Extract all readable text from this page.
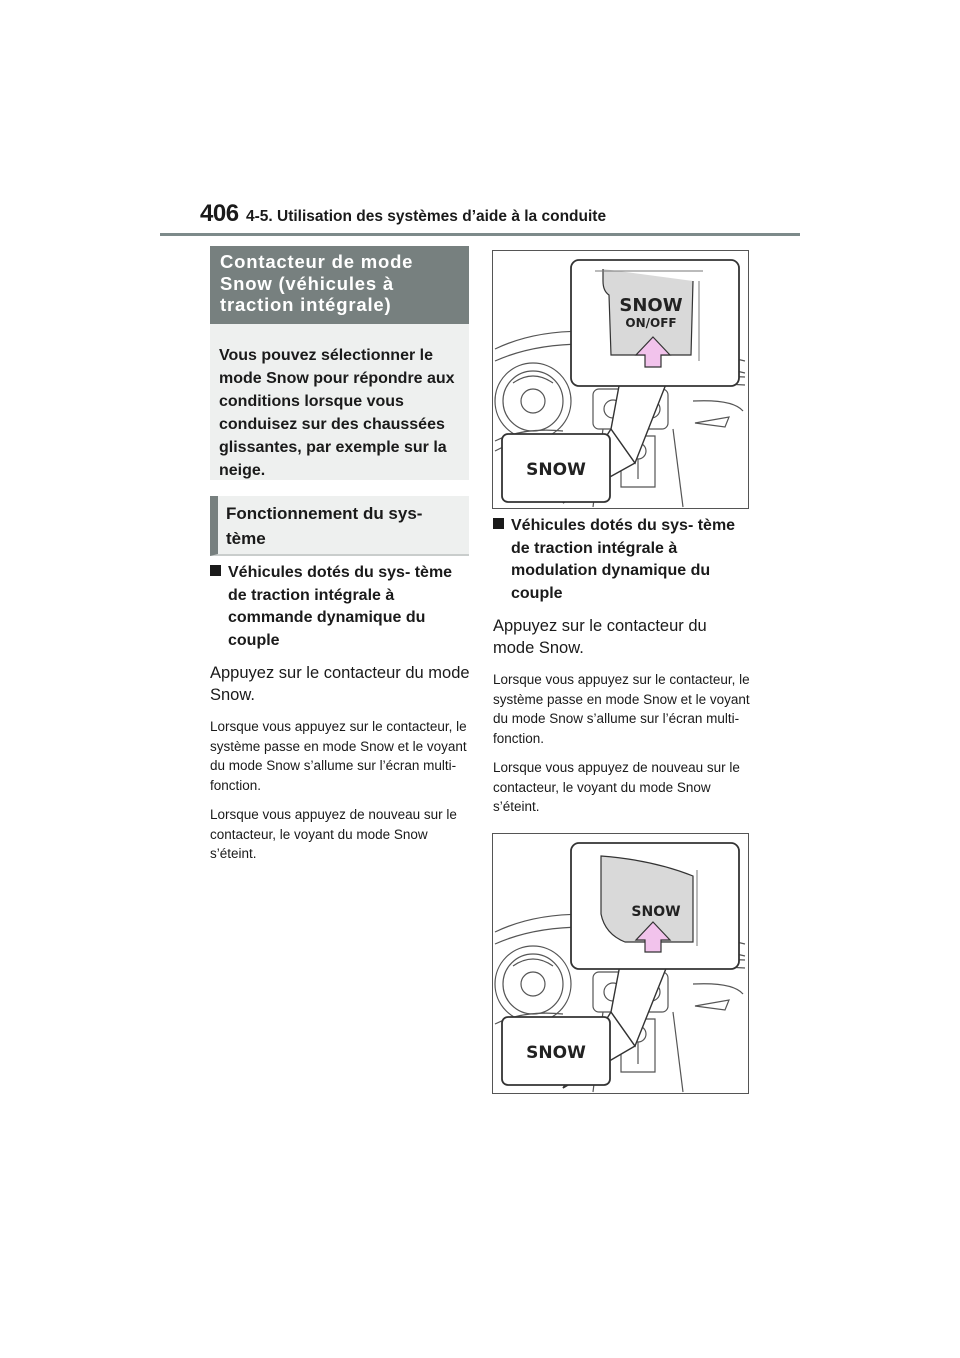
406 4-5. Utilisation des systèmes d’aide à la conduite
Contacteur de mode Snow (véhicules à traction intégrale)
Vous pouvez sélectionner le mode Snow pour répondre aux conditions lorsque vous conduisez sur des chaussées glissantes, par exemple sur la neige.
Fonctionnement du sys- tème
Véhicules dotés du sys- tème de traction intégrale à commande dynamique du couple
Appuyez sur le contacteur du mode Snow.
Lorsque vous appuyez sur le contacteur, le système passe en mode Snow et le voyant du mode Snow s’allume sur l’écran multi- fonction.
Lorsque vous appuyez de nouveau sur le contacteur, le voyant du mode Snow s’éteint.
SNOW
ON/OFF
SNOW
Véhicules dotés du sys- tème de traction intégrale à modulation dynamique du couple
Appuyez sur le contacteur du mode Snow.
Lorsque vous appuyez sur le contacteur, le système passe en mode Snow et le voyant du mode Snow s’allume sur l’écran multi- fonction.
Lorsque vous appuyez de nouveau sur le contacteur, le voyant du mode Snow s’éteint.
SNOW
SNOW
